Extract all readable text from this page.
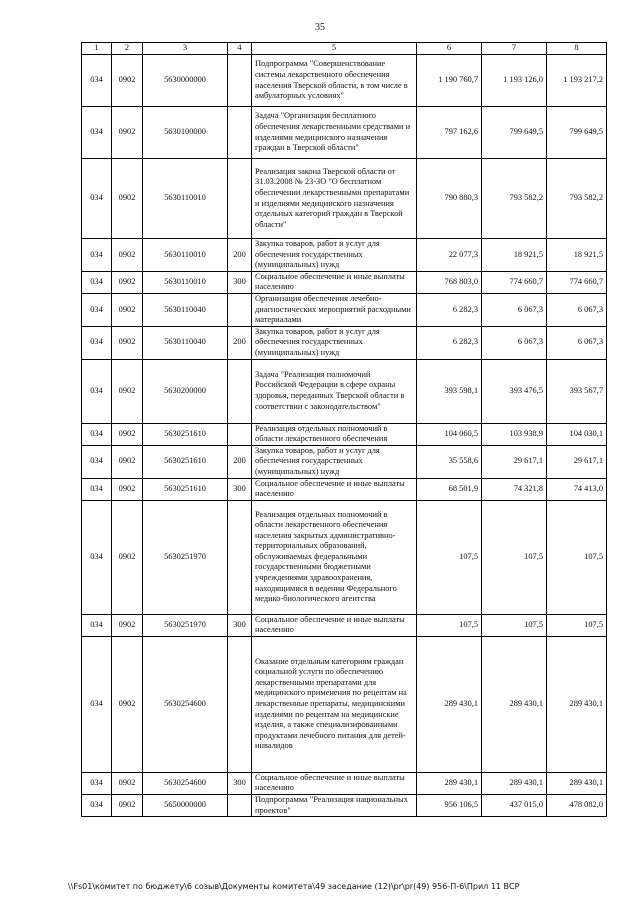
35
1	2	3	4	5	6	7	8
034	0902	5630000000		Подпрограмма "Совершенствование системы лекарственного обеспечения населения Тверской области, в том числе в амбулаторных условиях"	1 190 760,7	1 193 126,0	1 193 217,2
034	0902	5630100000		Задача "Организация бесплатного обеспечения лекарственными средствами и изделиями медицинского назначения граждан в Тверской области"	797 162,6	799 649,5	799 649,5
034	0902	5630110010		Реализация закона Тверской области от 31.03.2008 № 23-ЗО "О бесплатном обеспечении лекарственными препаратами и изделиями медицинского назначения отдельных категорий граждан в Тверской области"	790 880,3	793 582,2	793 582,2
034	0902	5630110010	200	Закупка товаров, работ и услуг для обеспечения государственных (муниципальных) нужд	22 077,3	18 921,5	18 921,5
034	0902	5630110010	300	Социальное обеспечение и иные выплаты населению	768 803,0	774 660,7	774 660,7
034	0902	5630110040		Организация обеспечения лечебно-диагностических мероприятий расходными материалами	6 282,3	6 067,3	6 067,3
034	0902	5630110040	200	Закупка товаров, работ и услуг для обеспечения государственных (муниципальных) нужд	6 282,3	6 067,3	6 067,3
034	0902	5630200000		Задача "Реализация полномочий Российской Федерации в сфере охраны здоровья, переданных Тверской области в соответствии с законодательством"	393 598,1	393 476,5	393 567,7
034	0902	5630251610		Реализация отдельных полномочий в области лекарственного обеспечения	104 060,5	103 938,9	104 030,1
034	0902	5630251610	200	Закупка товаров, работ и услуг для обеспечения государственных (муниципальных) нужд	35 558,6	29 617,1	29 617,1
034	0902	5630251610	300	Социальное обеспечение и иные выплаты населению	68 501,9	74 321,8	74 413,0
034	0902	5630251970		Реализация отдельных полномочий в области лекарственного обеспечения населения закрытых административно-территориальных образований, обслуживаемых федеральными государственными бюджетными учреждениями здравоохранения, находящимися в ведении Федерального медико-биологического агентства	107,5	107,5	107,5
034	0902	5630251970	300	Социальное обеспечение и иные выплаты населению	107,5	107,5	107,5
034	0902	5630254600		Оказание отдельным категориям граждан социальной услуги по обеспечению лекарственными препаратами для медицинского применения по рецептам на лекарственные препараты, медицинскими изделиями по рецептам на медицинские изделия, а также специализированными продуктами лечебного питания для детей-инвалидов	289 430,1	289 430,1	289 430,1
034	0902	5630254600	300	Социальное обеспечение и иные выплаты населению	289 430,1	289 430,1	289 430,1
034	0902	5650000000		Подпрограмма "Реализация национальных проектов"	956 106,5	437 015,0	478 082,0
\\Fs01\комитет по бюджету\6 созыв\Документы комитета\49 заседание (12)\pr\pr(49) 956-П-6\Прил 11 ВСР
